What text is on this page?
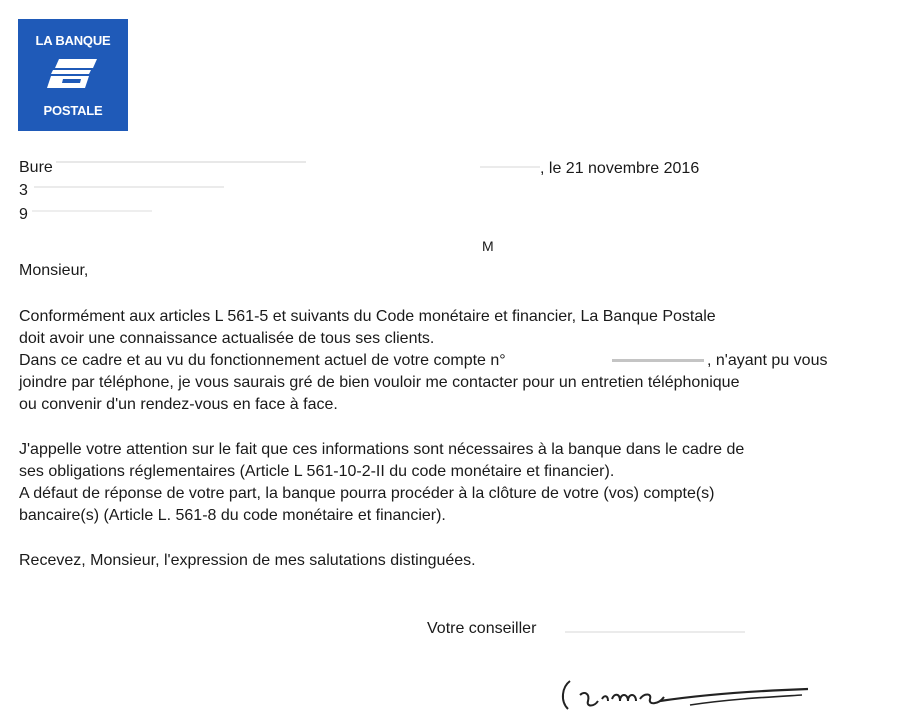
LA BANQUE
POSTALE
Bure
3
9
, le 21 novembre 2016
M
Monsieur,
Conformément aux articles L 561-5 et suivants du Code monétaire et financier, La Banque Postale
doit avoir une connaissance actualisée de tous ses clients.
Dans ce cadre et au vu du fonctionnement actuel de votre compte n°	, n'ayant pu vous
joindre par téléphone, je vous saurais gré de bien vouloir me contacter pour un entretien téléphonique
ou convenir d'un rendez-vous en face à face.
J'appelle votre attention sur le fait que ces informations sont nécessaires à la banque dans le cadre de
ses obligations réglementaires (Article L 561-10-2-II du code monétaire et financier).
A défaut de réponse de votre part, la banque pourra procéder à la clôture de votre (vos) compte(s)
bancaire(s) (Article L. 561-8 du code monétaire et financier).
Recevez, Monsieur, l'expression de mes salutations distinguées.
Votre conseiller
